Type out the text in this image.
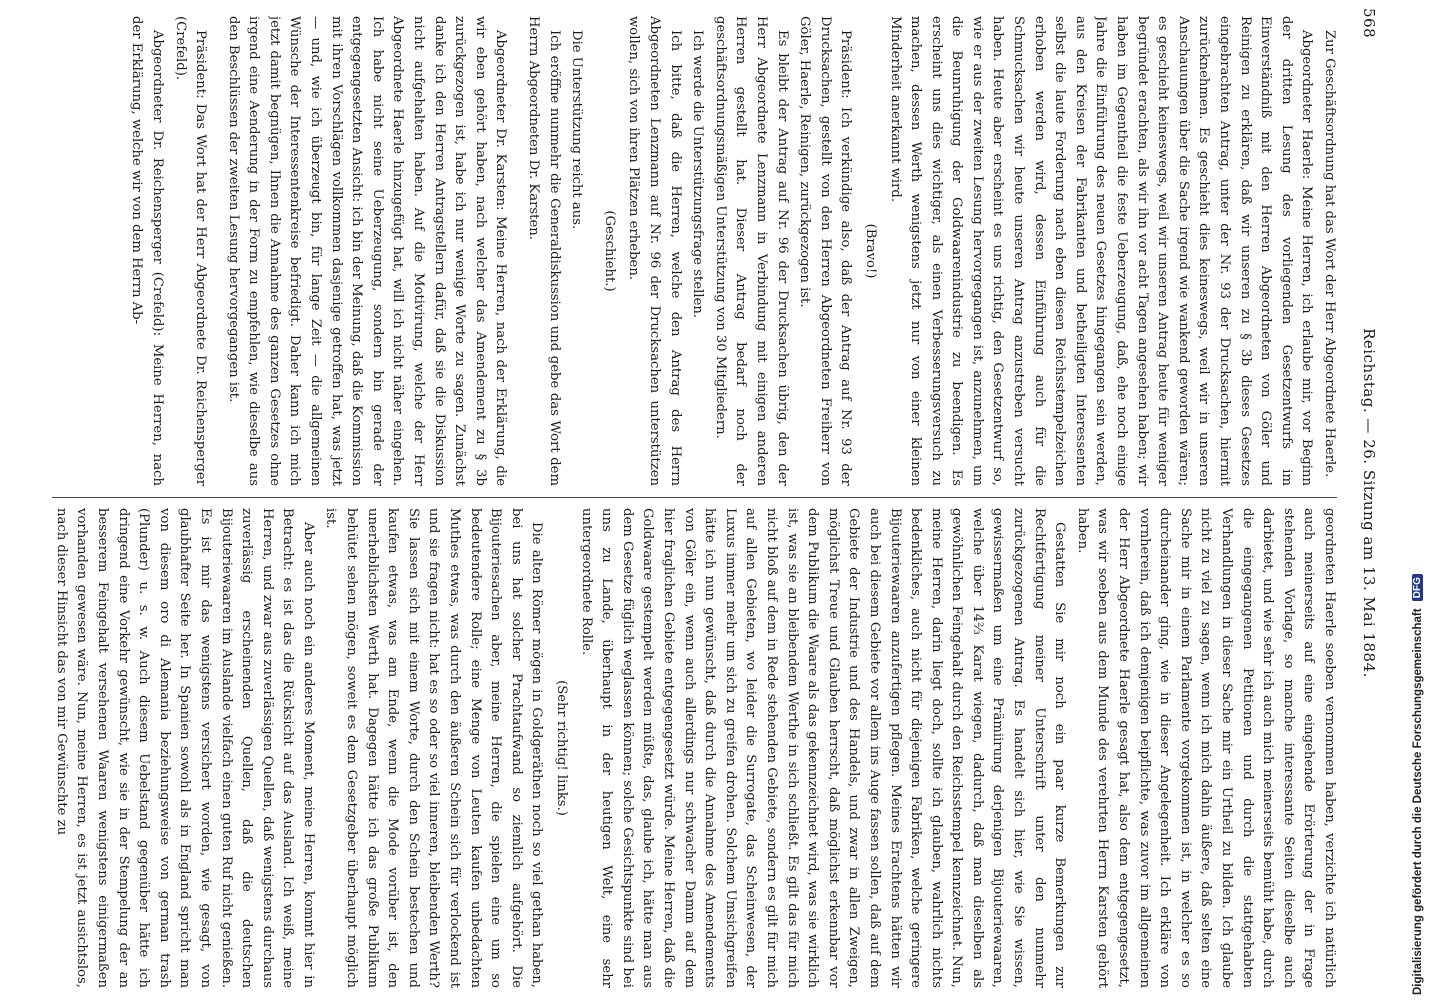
568
Reichstag. — 26. Sitzung am 13. Mai 1884.

Zur Geschäftsordnung hat das Wort der Herr Abgeordnete Haerle.

Abgeordneter Haerle: Meine Herren, ich erlaube mir, vor Beginn der dritten Lesung des vorliegenden Gesetzentwurfs im Einverständniß mit den Herren Abgeordneten von Göler und Reinigen zu erklären, daß wir unseren zu § 3b dieses Gesetzes eingebrachten Antrag, unter der Nr. 93 der Drucksachen, hiermit zurücknehmen. Es geschieht dies keineswegs, weil wir in unseren Anschauungen über die Sache irgend wie wankend geworden wären; es geschieht keineswegs, weil wir unseren Antrag heute für weniger begründet erachten, als wir ihn vor acht Tagen angesehen haben; wir haben im Gegentheil die feste Ueberzeugung, daß, ehe noch einige Jahre die Einführung des neuen Gesetzes hingegangen sein werden, aus den Kreisen der Fabrikanten und betheiligten Interessenten selbst die laute Forderung nach eben diesen Reichsstempelzeichen erhoben werden wird, dessen Einführung auch für die Schmucksachen wir heute unseren Antrag anzustreben versucht haben. Heute aber erscheint es uns richtig, den Gesetzentwurf so, wie er aus der zweiten Lesung hervorgegangen ist, anzunehmen, um die Beunruhigung der Goldwaarenindustrie zu beendigen. Es erscheint uns dies wichtiger, als einen Verbesserungsversuch zu machen, dessen Werth wenigstens jetzt nur von einer kleinen Minderheit anerkannt wird.

(Bravo!)

Präsident: Ich verkündige also, daß der Antrag auf Nr. 93 der Drucksachen, gestellt von den Herren Abgeordneten Freiherr von Göler, Haerle, Reinigen, zurückgezogen ist.

Es bleibt der Antrag auf Nr. 96 der Drucksachen übrig, den der Herr Abgeordnete Lenzmann in Verbindung mit einigen anderen Herren gestellt hat. Dieser Antrag bedarf noch der geschäftsordnungsmäßigen Unterstützung von 30 Mitgliedern.

Ich werde die Unterstützungsfrage stellen.

Ich bitte, daß die Herren, welche den Antrag des Herrn Abgeordneten Lenzmann auf Nr. 96 der Drucksachen unterstützen wollen, sich von ihren Plätzen erheben.

(Geschieht.)

Die Unterstützung reicht aus.

Ich eröffne nunmehr die Generaldiskussion und gebe das Wort dem Herrn Abgeordneten Dr. Karsten.

Abgeordneter Dr. Karsten: Meine Herren, nach der Erklärung, die wir eben gehört haben, nach welcher das Amendement zu § 3b zurückgezogen ist, habe ich nur wenige Worte zu sagen. Zunächst danke ich den Herren Antragstellern dafür, daß sie die Diskussion nicht aufgehalten haben. Auf die Motivirung, welche der Herr Abgeordnete Haerle hinzugefügt hat, will ich nicht näher eingehen. Ich habe nicht seine Ueberzeugung, sondern bin gerade der entgegengesetzten Ansicht: ich bin der Meinung, daß die Kommission mit ihren Vorschlägen vollkommen dasjenige getroffen hat, was jetzt — und, wie ich überzeugt bin, für lange Zeit — die allgemeinen Wünsche der Interessentenkreise befriedigt. Daher kann ich mich jetzt damit begnügen, Ihnen die Annahme des ganzen Gesetzes ohne irgend eine Aenderung in der Form zu empfehlen, wie dieselbe aus den Beschlüssen der zweiten Lesung hervorgegangen ist.

Präsident: Das Wort hat der Herr Abgeordnete Dr. Reichensperger (Crefeld).

Abgeordneter Dr. Reichensperger (Crefeld): Meine Herren, nach der Erklärung, welche wir von dem Herrn Ab-

geordneten Haerle soeben vernommen haben, verzichte ich natürlich auch meinerseits auf eine eingehende Erörterung der in Frage stehenden Vorlage, so manche interessante Seiten dieselbe auch darbietet, und wie sehr ich auch mich meinerseits bemüht habe, durch die eingegangenen Petitionen und durch die stattgehabten Verhandlungen in dieser Sache mir ein Urtheil zu bilden. Ich glaube nicht zu viel zu sagen, wenn ich mich dahin äußere, daß selten eine Sache mir in einem Parlamente vorgekommen ist, in welcher es so durcheinander ging, wie in dieser Angelegenheit. Ich erkläre von vornherein, daß ich demjenigen beipflichte, was zuvor im allgemeinen der Herr Abgeordnete Haerle gesagt hat, also dem entgegengesetzt, was wir soeben aus dem Munde des verehrten Herrn Karsten gehört haben.

Gestatten Sie mir noch ein paar kurze Bemerkungen zur Rechtfertigung meiner Unterschrift unter den nunmehr zurückgezogenen Antrag. Es handelt sich hier, wie Sie wissen, gewissermaßen um eine Prämiirung derjenigen Bijouteriewaaren, welche über 14⅔ Karat wiegen, dadurch, daß man dieselben als gewöhnlichen Feingehalt durch den Reichsstempel kennzeichnet. Nun, meine Herren, darin liegt doch, sollte ich glauben, wahrlich nichts bedenkliches, auch nicht für diejenigen Fabriken, welche geringere Bijouteriewaaren anzufertigen pflegen. Meines Erachtens hätten wir auch bei diesem Gebiete vor allem ins Auge fassen sollen, daß auf dem Gebiete der Industrie und des Handels, und zwar in allen Zweigen, möglichst Treue und Glauben herrscht, daß möglichst erkennbar vor dem Publikum die Waare als das gekennzeichnet wird, was sie wirklich ist, was sie an bleibendem Werthe in sich schließt. Es gilt das für mich nicht bloß auf dem in Rede stehenden Gebiete, sondern es gilt für mich auf allen Gebieten, wo leider die Surrogate, das Scheinwesen, der Luxus immer mehr um sich zu greifen drohen. Solchem Umsichgreifen hätte ich nun gewünscht, daß durch die Annahme des Amendements von Göler ein, wenn auch allerdings nur schwacher Damm auf dem hier fraglichen Gebiete entgegengesetzt würde. Meine Herren, daß die Goldwaare gestempelt werden müßte, das, glaube ich, hätte man aus dem Gesetze füglich weglassen können; solche Gesichtspunkte sind bei uns zu Lande, überhaupt in der heutigen Welt, eine sehr untergeordnete Rolle.

(Sehr richtig! links.)

Die alten Römer mögen in Goldgeräthen noch so viel gethan haben, bei uns hat solcher Prachtaufwand so ziemlich aufgehört. Die Bijouteriesachen aber, meine Herren, die spielen eine um so bedeutendere Rolle; eine Menge von Leuten kaufen unbedachten Muthes etwas, was durch den äußeren Schein sich für verlockend ist und sie fragen nicht: hat es so oder so viel inneren, bleibenden Werth? Sie lassen sich mit einem Worte, durch den Schein bestechen und kaufen etwas, was am Ende, wenn die Mode vorüber ist, den unerheblichsten Werth hat. Dagegen hätte ich das große Publikum behütet sehen mögen, soweit es dem Gesetzgeber überhaupt möglich ist.

Aber auch noch ein anderes Moment, meine Herren, kommt hier in Betracht: es ist das die Rücksicht auf das Ausland. Ich weiß, meine Herren, und zwar aus zuverlässigen Quellen, daß wenigstens durchaus zuverlässig erscheinenden Quellen, daß die deutschen Bijouteriewaaren im Auslande vielfach einen guten Ruf nicht genießen. Es ist mir das wenigstens versichert worden, wie gesagt, von glaubhafter Seite her. In Spanien sowohl als in England spricht man von diesem oro di Alemania beziehungsweise von german trash (Plunder) u. s. w. Auch diesem Uebelstand gegenüber hätte ich dringend eine Vorkehr gewünscht, wie sie in der Stempelung der an besserem Feingehalt versehenen Waaren wenigstens einigermaßen vorhanden gewesen wäre. Nun, meine Herren, es ist jetzt ausichtslos, nach dieser Hinsicht das von mir Gewünschte zu	Digitalisierung gefördert durch die Deutsche Forschungsgemeinschaft DFG
